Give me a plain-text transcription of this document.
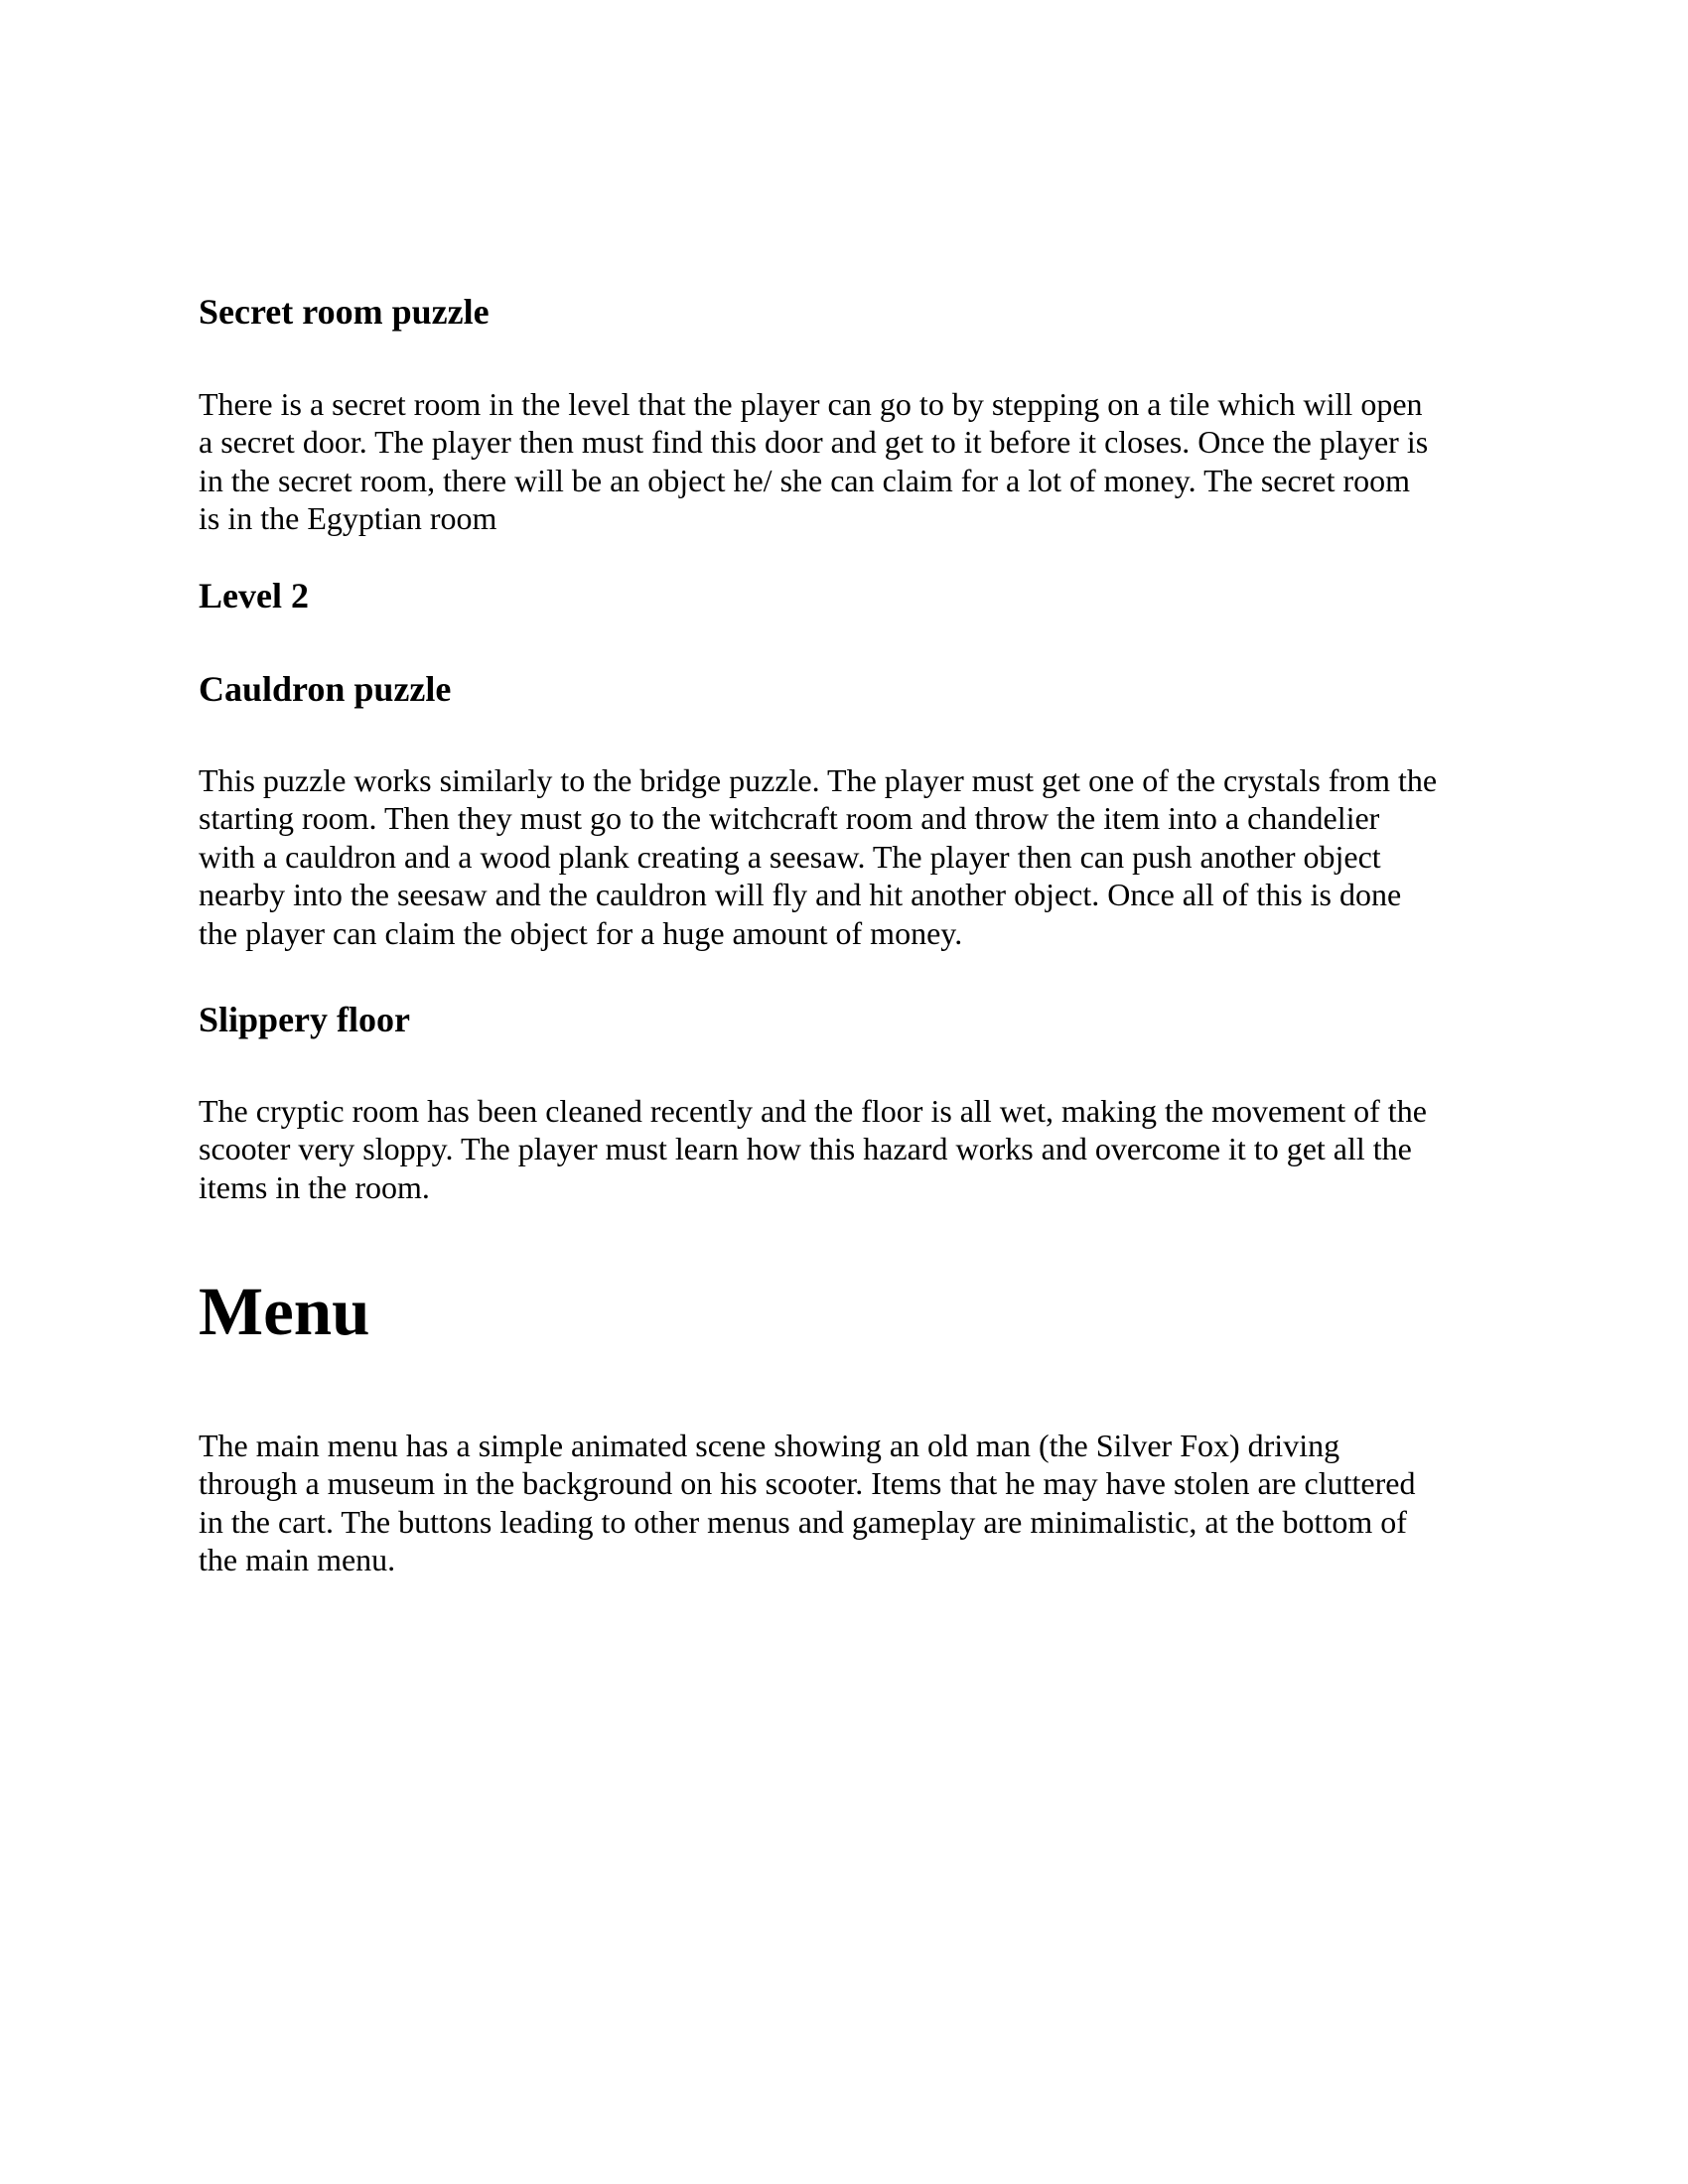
Secret room puzzle
There is a secret room in the level that the player can go to by stepping on a tile which will open
a secret door. The player then must find this door and get to it before it closes. Once the player is
in the secret room, there will be an object he/ she can claim for a lot of money. The secret room
is in the Egyptian room
Level 2
Cauldron puzzle
This puzzle works similarly to the bridge puzzle. The player must get one of the crystals from the
starting room. Then they must go to the witchcraft room and throw the item into a chandelier
with a cauldron and a wood plank creating a seesaw. The player then can push another object
nearby into the seesaw and the cauldron will fly and hit another object. Once all of this is done
the player can claim the object for a huge amount of money.
Slippery floor
The cryptic room has been cleaned recently and the floor is all wet, making the movement of the
scooter very sloppy. The player must learn how this hazard works and overcome it to get all the
items in the room.
Menu
The main menu has a simple animated scene showing an old man (the Silver Fox) driving
through a museum in the background on his scooter. Items that he may have stolen are cluttered
in the cart. The buttons leading to other menus and gameplay are minimalistic, at the bottom of
the main menu.
